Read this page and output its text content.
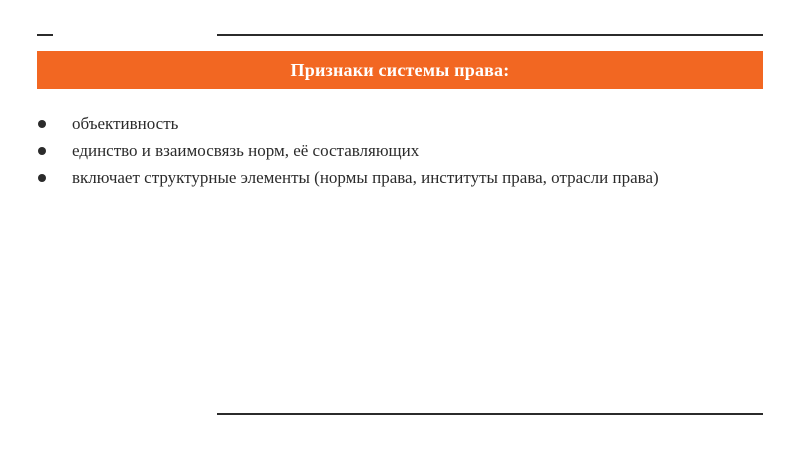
Признаки системы права:
объективность
единство и взаимосвязь норм, её составляющих
включает структурные элементы (нормы права, институты права, отрасли права)
